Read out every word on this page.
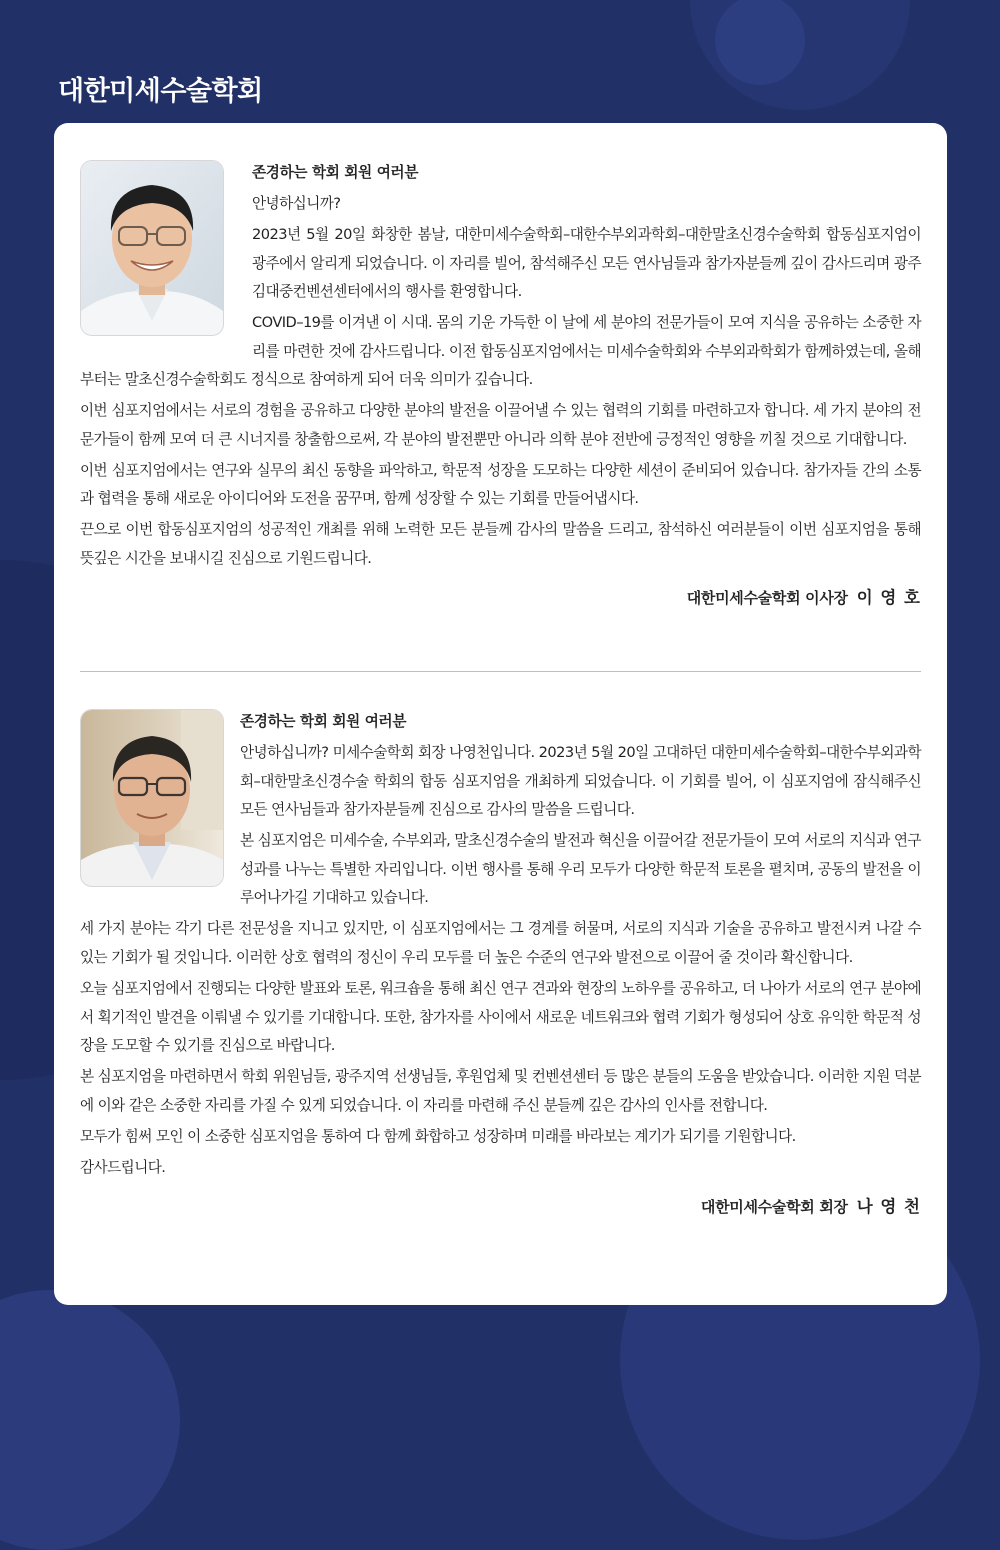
대한미세수술학회

존경하는 학회 회원 여러분

안녕하십니까?

2023년 5월 20일 화창한 봄날, 대한미세수술학회–대한수부외과학회–대한말초신경수술학회 합동심포지엄이 광주에서 알리게 되었습니다. 이 자리를 빌어, 참석해주신 모든 연사님들과 참가자분들께 깊이 감사드리며 광주 김대중컨벤션센터에서의 행사를 환영합니다.

COVID–19를 이겨낸 이 시대. 몸의 기운 가득한 이 날에 세 분야의 전문가들이 모여 지식을 공유하는 소중한 자리를 마련한 것에 감사드립니다. 이전 합동심포지엄에서는 미세수술학회와 수부외과학회가 함께하였는데, 올해부터는 말초신경수술학회도 정식으로 참여하게 되어 더욱 의미가 깊습니다.

이번 심포지엄에서는 서로의 경험을 공유하고 다양한 분야의 발전을 이끌어낼 수 있는 협력의 기회를 마련하고자 합니다. 세 가지 분야의 전문가들이 함께 모여 더 큰 시너지를 창출함으로써, 각 분야의 발전뿐만 아니라 의학 분야 전반에 긍정적인 영향을 끼칠 것으로 기대합니다.

이번 심포지엄에서는 연구와 실무의 최신 동향을 파악하고, 학문적 성장을 도모하는 다양한 세션이 준비되어 있습니다. 참가자들 간의 소통과 협력을 통해 새로운 아이디어와 도전을 꿈꾸며, 함께 성장할 수 있는 기회를 만들어냅시다.

끈으로 이번 합동심포지엄의 성공적인 개최를 위해 노력한 모든 분들께 감사의 말씀을 드리고, 참석하신 여러분들이 이번 심포지엄을 통해 뜻깊은 시간을 보내시길 진심으로 기원드립니다.

대한미세수술학회 이사장 이 영 호

존경하는 학회 회원 여러분

안녕하십니까? 미세수술학회 회장 나영천입니다. 2023년 5월 20일 고대하던 대한미세수술학회–대한수부외과학회–대한말초신경수술 학회의 합동 심포지엄을 개최하게 되었습니다. 이 기회를 빌어, 이 심포지엄에 잠식해주신 모든 연사님들과 참가자분들께 진심으로 감사의 말씀을 드립니다.

본 심포지엄은 미세수술, 수부외과, 말초신경수술의 발전과 혁신을 이끌어갈 전문가들이 모여 서로의 지식과 연구 성과를 나누는 특별한 자리입니다. 이번 행사를 통해 우리 모두가 다양한 학문적 토론을 펼치며, 공동의 발전을 이루어나가길 기대하고 있습니다.

세 가지 분야는 각기 다른 전문성을 지니고 있지만, 이 심포지엄에서는 그 경계를 허물며, 서로의 지식과 기술을 공유하고 발전시켜 나갈 수 있는 기회가 될 것입니다. 이러한 상호 협력의 정신이 우리 모두를 더 높은 수준의 연구와 발전으로 이끌어 줄 것이라 확신합니다.

오늘 심포지엄에서 진행되는 다양한 발표와 토론, 워크숍을 통해 최신 연구 견과와 현장의 노하우를 공유하고, 더 나아가 서로의 연구 분야에서 획기적인 발견을 이뤄낼 수 있기를 기대합니다. 또한, 참가자를 사이에서 새로운 네트워크와 협력 기회가 형성되어 상호 유익한 학문적 성장을 도모할 수 있기를 진심으로 바랍니다.

본 심포지엄을 마련하면서 학회 위원님들, 광주지역 선생님들, 후원업체 및 컨벤션센터 등 많은 분들의 도움을 받았습니다. 이러한 지원 덕분에 이와 같은 소중한 자리를 가질 수 있게 되었습니다. 이 자리를 마련해 주신 분들께 깊은 감사의 인사를 전합니다.

모두가 힘써 모인 이 소중한 심포지엄을 통하여 다 함께 화합하고 성장하며 미래를 바라보는 계기가 되기를 기원합니다.

감사드립니다.

대한미세수술학회 회장 나 영 천
